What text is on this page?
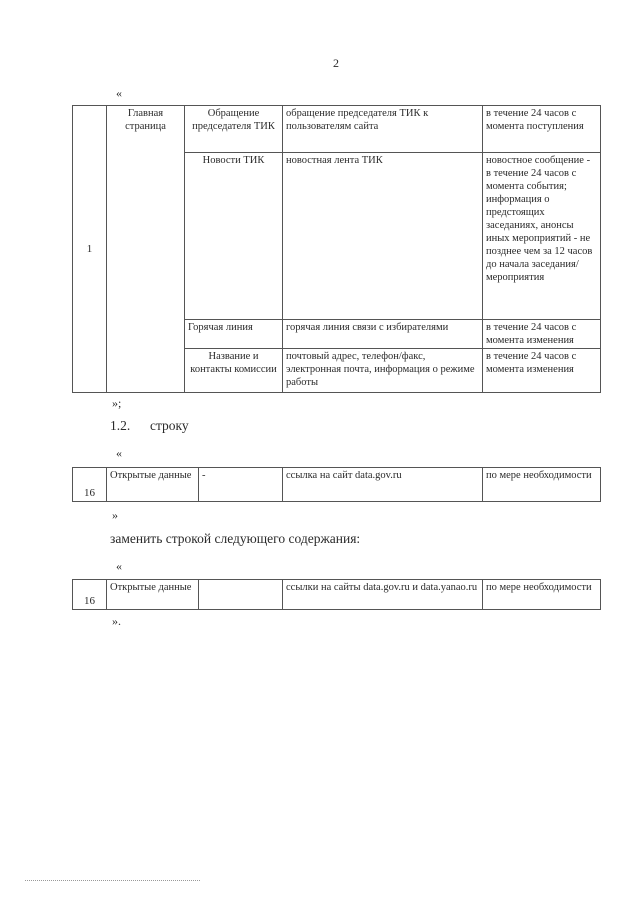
2
«
1	Главная страница	Обращение председателя ТИК	обращение председателя ТИК к пользователям сайта	в течение 24 часов с момента поступления
		Новости ТИК	новостная лента ТИК	новостное сообщение - в течение 24 часов с момента события; информация о предстоящих заседаниях, анонсы иных мероприятий - не позднее чем за 12 часов до начала заседания/мероприятия
		Горячая линия	горячая линия связи с избирателями	в течение 24 часов с момента изменения
		Название и контакты комиссии	почтовый адрес, телефон/факс, электронная почта, информация о режиме работы	в течение 24 часов с момента изменения
»;
1.2. строку
«
16	Открытые данные	-	ссылка на сайт data.gov.ru	по мере необходимости
»
заменить строкой следующего содержания:
«
16	Открытые данные		ссылки на сайты data.gov.ru и data.yanao.ru	по мере необходимости
».
